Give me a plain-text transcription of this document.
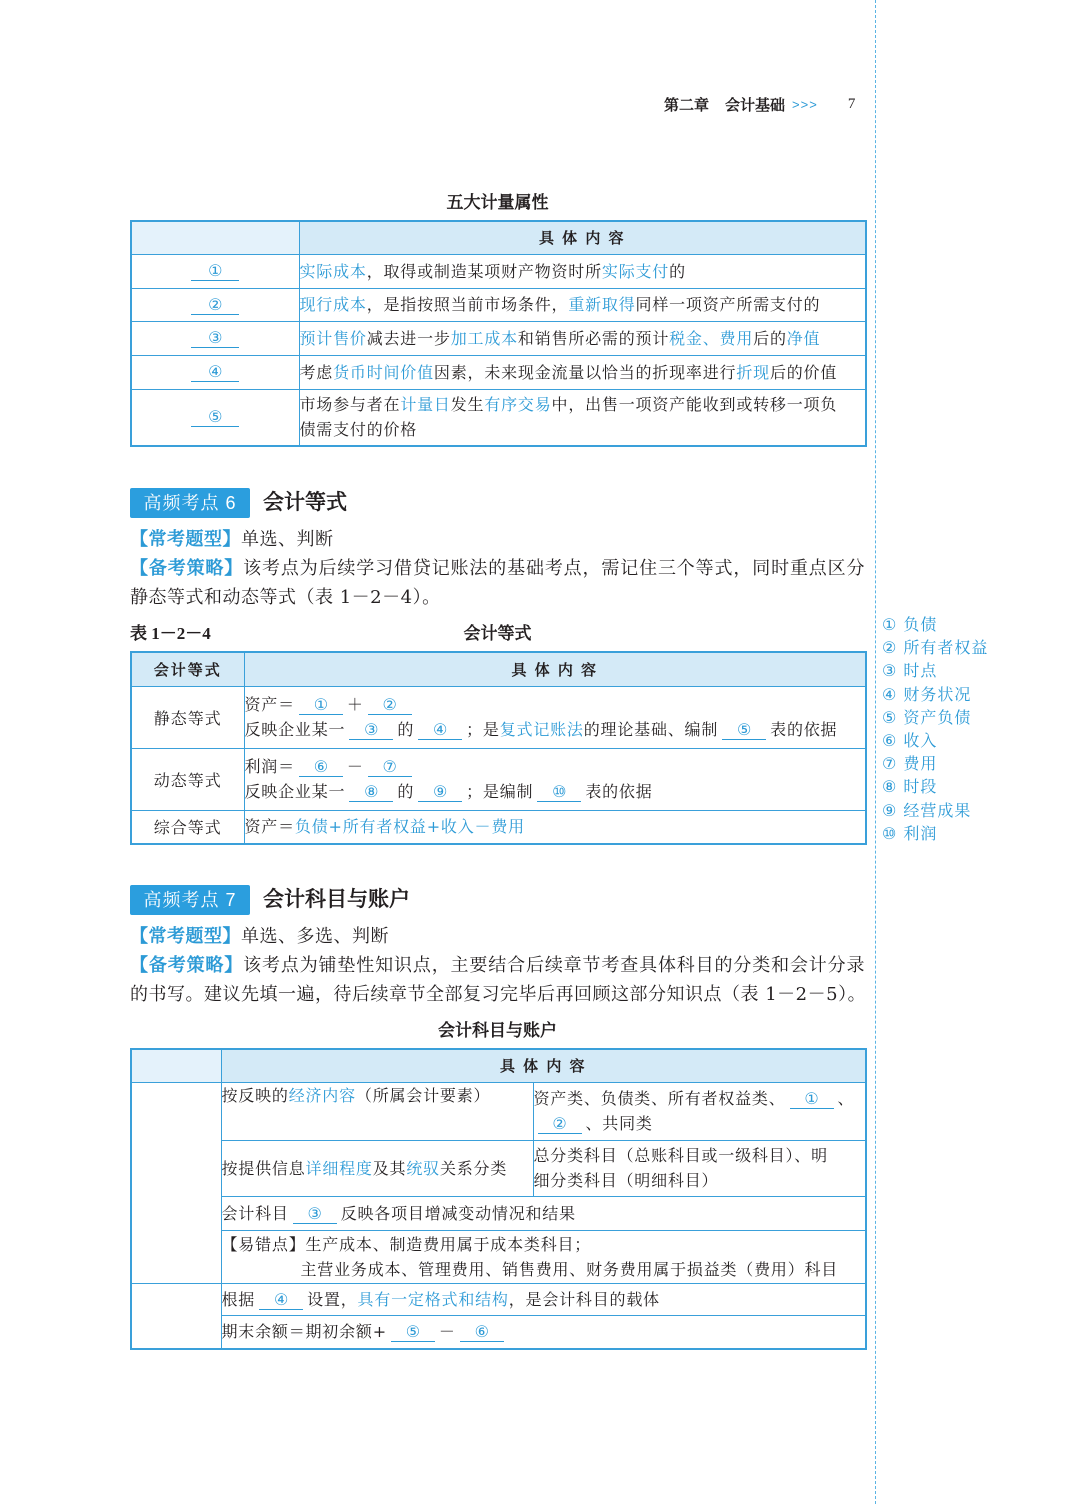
第二章 会计基础 >>> 7
五大计量属性
	具 体 内 容
①	实际成本，取得或制造某项财产物资时所实际支付的

②	现行成本，是指按照当前市场条件，重新取得同样一项资产所需支付的

③	预计售价减去进一步加工成本和销售所必需的预计税金、费用后的净值

④	考虑货币时间价值因素，未来现金流量以恰当的折现率进行折现后的价值

⑤	市场参与者在计量日发生有序交易中，出售一项资产能收到或转移一项负
债需支付的价格
高频考点 6	会计等式
【常考题型】单选、判断
【备考策略】该考点为后续学习借贷记账法的基础考点，需记住三个等式，同时重点区分
静态等式和动态等式（表 1－2－4）。
表 1－2－4	会计等式
会计等式	具 体 内 容
静态等式	资产＝ ① ＋ ②
反映企业某一 ③ 的 ④ ；是复式记账法的理论基础、编制 ⑤ 表的依据

动态等式	利润＝ ⑥ － ⑦
反映企业某一 ⑧ 的 ⑨ ；是编制 ⑩ 表的依据

综合等式	资产＝负债+所有者权益+收入－费用
① 负债
② 所有者权益
③ 时点
④ 财务状况
⑤ 资产负债
⑥ 收入
⑦ 费用
⑧ 时段
⑨ 经营成果
⑩ 利润
高频考点 7	会计科目与账户
【常考题型】单选、多选、判断
【备考策略】该考点为铺垫性知识点，主要结合后续章节考查具体科目的分类和会计分录
的书写。建议先填一遍，待后续章节全部复习完毕后再回顾这部分知识点（表 1－2－5）。
会计科目与账户
	具 体 内 容	

	按反映的经济内容（所属会计要素）	资产类、负债类、所有者权益类、 ① 、
② 、共同类

	按提供信息详细程度及其统驭关系分类	总分类科目（总账科目或一级科目）、明
细分类科目（明细科目）

	会计科目 ③ 反映各项目增减变动情况和结果	

	【易错点】生产成本、制造费用属于成本类科目；
主营业务成本、管理费用、销售费用、财务费用属于损益类（费用）科目	

	根据 ④ 设置，具有一定格式和结构，是会计科目的载体	

	期末余额＝期初余额+ ⑤ － ⑥	
